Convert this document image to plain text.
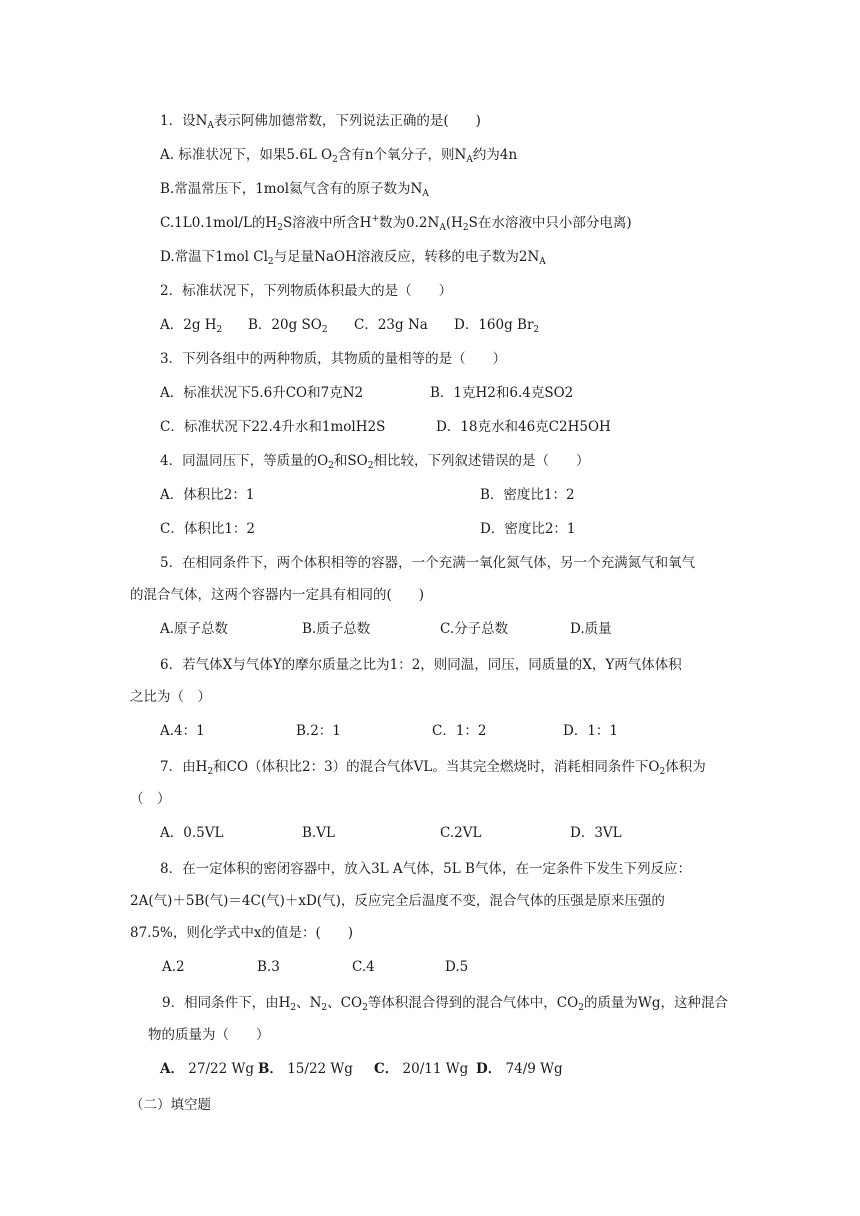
1．设$N_A$表示阿佛加德常数，下列说法正确的是(　　)
A. 标准状况下，如果5.6L $O_2$含有n个氧分子，则$N_A$约为4n
B.常温常压下，1mol氦气含有的原子数为$N_A$
C.1L0.1mol/L的$H_2S$溶液中所含H+数为$0.2N_A(H_2S$在水溶液中只小部分电离)
D.常温下1mol $Cl_2$与足量NaOH溶液反应，转移的电子数为$2N_A$
2．标准状况下，下列物质体积最大的是（　　）
A．2g $H_2$ B．20g $SO_2$ C．23g Na D．160g $Br_2$
3．下列各组中的两种物质，其物质的量相等的是（　　）
A．标准状况下5.6升CO和7克N2	B．1克H2和6.4克SO2
C．标准状况下22.4升水和1molH2S	D．18克水和46克C2H5OH
4．同温同压下，等质量的$O_2$和$SO_2$相比较，下列叙述错误的是（　　）
A．体积比2：1	B．密度比1：2
C．体积比1：2	D．密度比2：1
5．在相同条件下，两个体积相等的容器，一个充满一氧化氮气体，另一个充满氮气和氧气
的混合气体，这两个容器内一定具有相同的(　　)
A.原子总数	B.质子总数	C.分子总数	D.质量
6．若气体X与气体Y的摩尔质量之比为1：2，则同温，同压，同质量的X，Y两气体体积
之比为（　）
A.4：1	B.2：1	C．1：2	D．1：1
7．由$H_2$和CO（体积比2：3）的混合气体VL。当其完全燃烧时，消耗相同条件下$O_2$体积为
（　）
A．0.5VL	B.VL	C.2VL	D．3VL
8．在一定体积的密闭容器中，放入3L A气体，5L B气体，在一定条件下发生下列反应：
2A(气)＋5B(气)＝4C(气)＋xD(气)，反应完全后温度不变，混合气体的压强是原来压强的
87.5%，则化学式中x的值是：(　　)
A.2	B.3	C.4	D.5
9．相同条件下，由$H_2$、$N_2$、$CO_2$等体积混合得到的混合气体中，$CO_2$的质量为Wg，这种混合
物的质量为（　　）
A． 27/22 Wg B． 15/22 Wg C． 20/11 Wg D． 74/9 Wg
（二）填空题
